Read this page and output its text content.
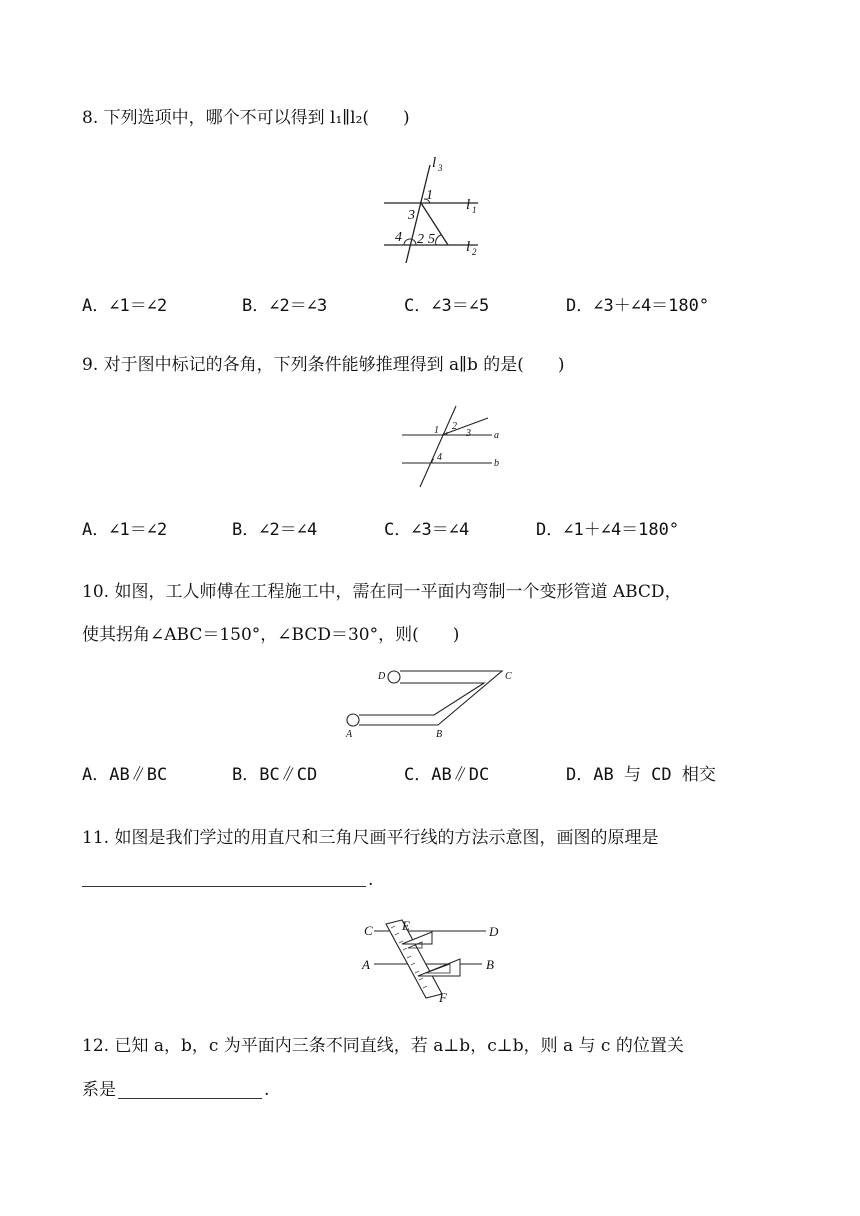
8. 下列选项中，哪个不可以得到 l₁∥l₂(　　)
l 3
l 1
l 2
1
3
4 2 5
A．∠1＝∠2	B．∠2＝∠3	C．∠3＝∠5	D．∠3＋∠4＝180°
9. 对于图中标记的各角，下列条件能够推理得到 a∥b 的是(　　)
1 2
3
4
a
b
A．∠1＝∠2	B．∠2＝∠4	C．∠3＝∠4	D．∠1＋∠4＝180°
10. 如图，工人师傅在工程施工中，需在同一平面内弯制一个变形管道 ABCD，
使其拐角∠ABC＝150°，∠BCD＝30°，则(　　)
A	B
C
D
A．AB∥BC	B．BC∥CD	C．AB∥DC	D．AB 与 CD 相交
11. 如图是我们学过的用直尺和三角尺画平行线的方法示意图，画图的原理是
.
C E	D
A	B
F
12. 已知 a，b，c 为平面内三条不同直线，若 a⊥b，c⊥b，则 a 与 c 的位置关
系是	.
